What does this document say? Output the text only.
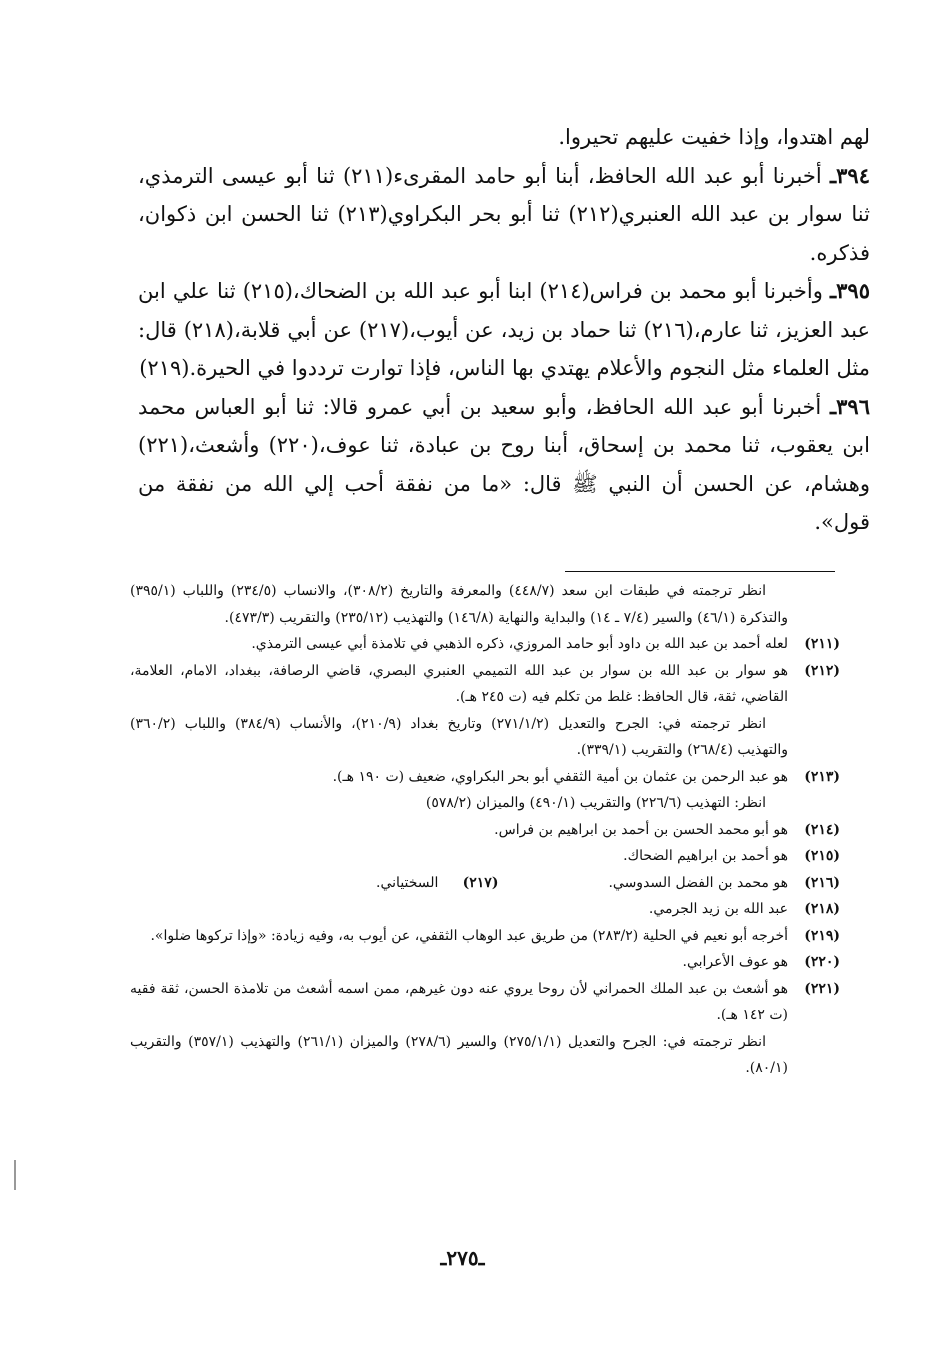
لهم اهتدوا، وإذا خفيت عليهم تحيروا.

٣٩٤ـ أخبرنا أبو عبد الله الحافظ، أبنا أبو حامد المقرىء(٢١١) ثنا أبو عيسى الترمذي، ثنا سوار بن عبد الله العنبري(٢١٢) ثنا أبو بحر البكراوي(٢١٣) ثنا الحسن ابن ذكوان، فذكره.

٣٩٥ـ وأخبرنا أبو محمد بن فراس(٢١٤) ابنا أبو عبد الله بن الضحاك،(٢١٥) ثنا علي ابن عبد العزيز، ثنا عارم،(٢١٦) ثنا حماد بن زيد، عن أيوب،(٢١٧) عن أبي قلابة،(٢١٨) قال: مثل العلماء مثل النجوم والأعلام يهتدي بها الناس، فإذا توارت ترددوا في الحيرة.(٢١٩)

٣٩٦ـ أخبرنا أبو عبد الله الحافظ، وأبو سعيد بن أبي عمرو قالا: ثنا أبو العباس محمد ابن يعقوب، ثنا محمد بن إسحاق، أبنا روح بن عبادة، ثنا عوف،(٢٢٠) وأشعث،(٢٢١) وهشام، عن الحسن أن النبي ﷺ قال: «ما من نفقة أحب إلي الله من نفقة من قول».

انظر ترجمته في طبقات ابن سعد (٤٤٨/٧) والمعرفة والتاريخ (٣٠٨/٢)، والانساب (٢٣٤/٥) واللباب (٣٩٥/١) والتذكرة (٤٦/١) والسير (٧/٤ ـ ١٤) والبداية والنهاية (١٤٦/٨) والتهذيب (٢٣٥/١٢) والتقريب (٤٧٣/٣).
(٢١١)
لعله أحمد بن عبد الله بن داود أبو حامد المروزي، ذكره الذهبي في تلامذة أبي عيسى الترمذي.
(٢١٢)
هو سوار بن عبد الله بن سوار بن عبد الله التميمي العنبري البصري، قاضي الرصافة، ببغداد، الامام، العلامة، القاضي، ثقة، قال الحافظ: غلط من تكلم فيه (ت ٢٤٥ هـ).
انظر ترجمته في: الجرح والتعديل (٢٧١/١/٢) وتاريخ بغداد (٢١٠/٩)، والأنساب (٣٨٤/٩) واللباب (٣٦٠/٢) والتهذيب (٢٦٨/٤) والتقريب (٣٣٩/١).
(٢١٣)
هو عبد الرحمن بن عثمان بن أمية الثقفي أبو بحر البكراوي، ضعيف (ت ١٩٠ هـ).
انظر: التهذيب (٢٢٦/٦) والتقريب (٤٩٠/١) والميزان (٥٧٨/٢)
(٢١٤)
هو أبو محمد الحسن بن أحمد بن ابراهيم بن فراس.
(٢١٥)
هو أحمد بن ابراهيم الضحاك.
(٢١٦)
هو محمد بن الفضل السدوسي.
(٢١٧)
السختياني.
(٢١٨)
عبد الله بن زيد الجرمي.
(٢١٩)
أخرجه أبو نعيم في الحلية (٢٨٣/٢) من طريق عبد الوهاب الثقفي، عن أيوب به، وفيه زيادة: «وإذا تركوها ضلوا».
(٢٢٠)
هو عوف الأعرابي.
(٢٢١)
هو أشعث بن عبد الملك الحمراني لأن روحا يروي عنه دون غيرهم، ممن اسمه أشعث من تلامذة الحسن، ثقة فقيه (ت ١٤٢ هـ).
انظر ترجمته في: الجرح والتعديل (٢٧٥/١/١) والسير (٢٧٨/٦) والميزان (٢٦١/١) والتهذيب (٣٥٧/١) والتقريب (٨٠/١).
ـ٢٧٥ـ
